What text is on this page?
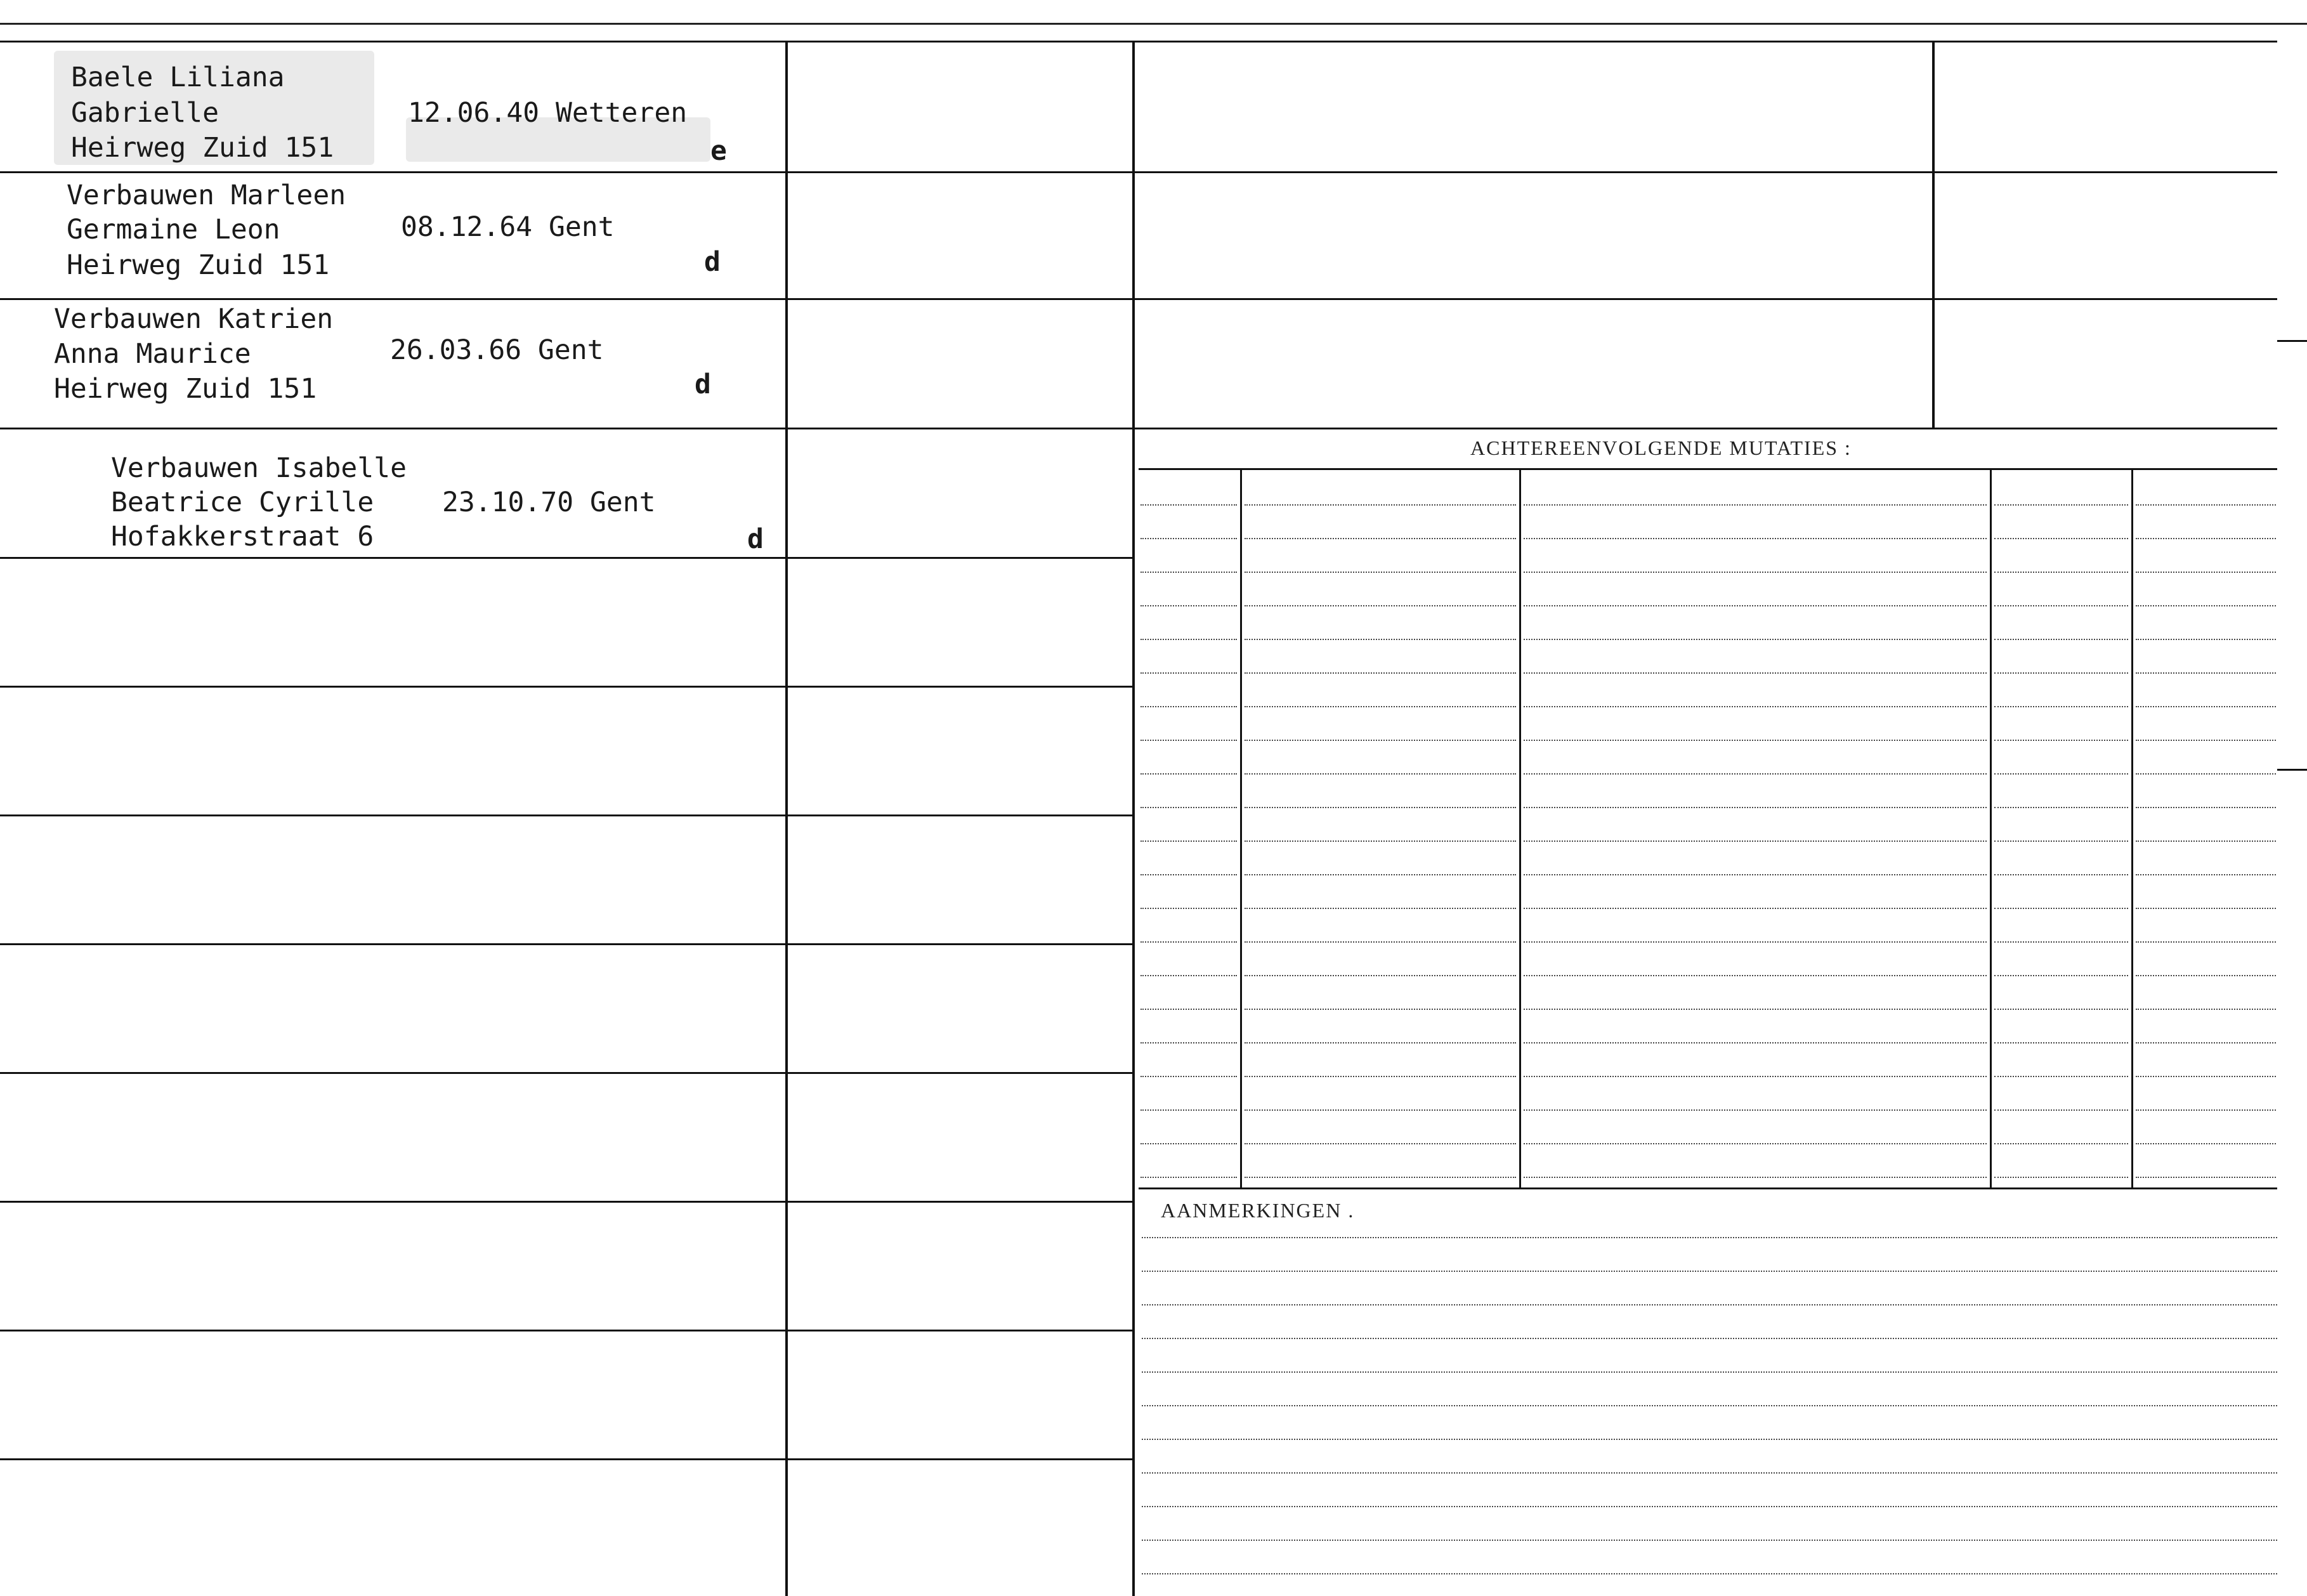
Baele Liliana
Gabrielle
Heirweg Zuid 151
12.06.40 Wetteren
e
Verbauwen Marleen
Germaine Leon
Heirweg Zuid 151
08.12.64 Gent
d
Verbauwen Katrien
Anna Maurice
Heirweg Zuid 151
26.03.66 Gent
d
Verbauwen Isabelle
Beatrice Cyrille
Hofakkerstraat 6
23.10.70 Gent
d
ACHTEREENVOLGENDE MUTATIES :
AANMERKINGEN .
